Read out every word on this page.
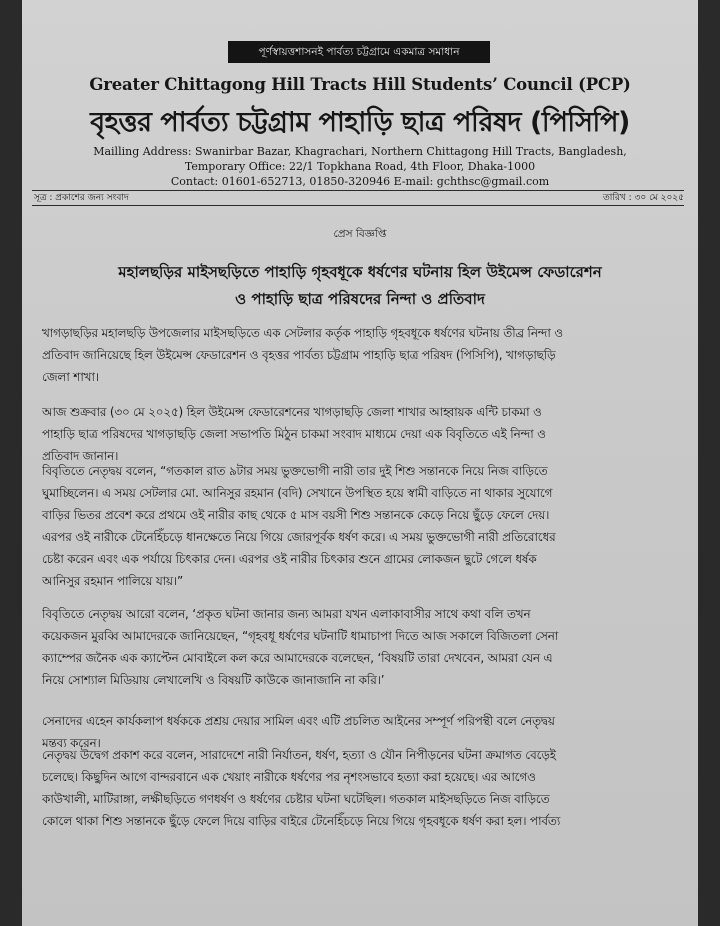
পূর্ণস্বায়ত্তশাসনই পার্বত্য চট্টগ্রামে একমাত্র সমাধান
Greater Chittagong Hill Tracts Hill Students’ Council (PCP)
বৃহত্তর পার্বত্য চট্টগ্রাম পাহাড়ি ছাত্র পরিষদ (পিসিপি)
Mailling Address: Swanirbar Bazar, Khagrachari, Northern Chittagong Hill Tracts, Bangladesh,
Temporary Office: 22/1 Topkhana Road, 4th Floor, Dhaka-1000
Contact: 01601-652713, 01850-320946 E-mail: gchthsc@gmail.com
সূত্র : প্রকাশের জন্য সংবাদ	তারিখ : ৩০ মে ২০২৫
প্রেস বিজ্ঞপ্তি
মহালছড়ির মাইসছড়িতে পাহাড়ি গৃহবধূকে ধর্ষণের ঘটনায় হিল উইমেন্স ফেডারেশন
ও পাহাড়ি ছাত্র পরিষদের নিন্দা ও প্রতিবাদ
খাগড়াছড়ির মহালছড়ি উপজেলার মাইসছড়িতে এক সেটলার কর্তৃক পাহাড়ি গৃহবধূকে ধর্ষণের ঘটনায় তীব্র নিন্দা ও
প্রতিবাদ জানিয়েছে হিল উইমেন্স ফেডারেশন ও বৃহত্তর পার্বত্য চট্টগ্রাম পাহাড়ি ছাত্র পরিষদ (পিসিপি), খাগড়াছড়ি
জেলা শাখা।
আজ শুক্রবার (৩০ মে ২০২৫) হিল উইমেন্স ফেডারেশনের খাগড়াছড়ি জেলা শাখার আহ্বায়ক এন্টি চাকমা ও
পাহাড়ি ছাত্র পরিষদের খাগড়াছড়ি জেলা সভাপতি মিঠুন চাকমা সংবাদ মাধ্যমে দেয়া এক বিবৃতিতে এই নিন্দা ও
প্রতিবাদ জানান।
বিবৃতিতে নেতৃদ্বয় বলেন, “গতকাল রাত ৯টার সময় ভুক্তভোগী নারী তার দুই শিশু সন্তানকে নিয়ে নিজ বাড়িতে
ঘুমাচ্ছিলেন। এ সময় সেটলার মো. আনিসুর রহমান (বদি) সেখানে উপস্থিত হয়ে স্বামী বাড়িতে না থাকার সুযোগে
বাড়ির ভিতর প্রবেশ করে প্রথমে ওই নারীর কাছ থেকে ৫ মাস বয়সী শিশু সন্তানকে কেড়ে নিয়ে ছুঁড়ে ফেলে দেয়।
এরপর ওই নারীকে টেনেহিঁচড়ে ধানক্ষেতে নিয়ে গিয়ে জোরপূর্বক ধর্ষণ করে। এ সময় ভুক্তভোগী নারী প্রতিরোধের
চেষ্টা করেন এবং এক পর্যায়ে চিৎকার দেন। এরপর ওই নারীর চিৎকার শুনে গ্রামের লোকজন ছুটে গেলে ধর্ষক
আনিসুর রহমান পালিয়ে যায়।”
বিবৃতিতে নেতৃদ্বয় আরো বলেন, ‘প্রকৃত ঘটনা জানার জন্য আমরা যখন এলাকাবাসীর সাথে কথা বলি তখন
কয়েকজন মুরব্বি আমাদেরকে জানিয়েছেন, “গৃহবধূ ধর্ষণের ঘটনাটি ধামাচাপা দিতে আজ সকালে বিজিতলা সেনা
ক্যাম্পের জনৈক এক ক্যাপ্টেন মোবাইলে কল করে আমাদেরকে বলেছেন, ‘বিষয়টি তারা দেখবেন, আমরা যেন এ
নিয়ে সোশ্যাল মিডিয়ায় লেখালেখি ও বিষয়টি কাউকে জানাজানি না করি।’
সেনাদের এহেন কার্যকলাপ ধর্ষককে প্রশ্রয় দেয়ার সামিল এবং এটি প্রচলিত আইনের সম্পূর্ণ পরিপন্থী বলে নেতৃদ্বয়
মন্তব্য করেন।
নেতৃদ্বয় উদ্বেগ প্রকাশ করে বলেন, সারাদেশে নারী নির্যাতন, ধর্ষণ, হত্যা ও যৌন নিপীড়নের ঘটনা ক্রমাগত বেড়েই
চলেছে। কিছুদিন আগে বান্দরবানে এক খেয়াং নারীকে ধর্ষণের পর নৃশংসভাবে হত্যা করা হয়েছে। এর আগেও
কাউখালী, মাটিরাঙ্গা, লক্ষীছড়িতে গণধর্ষণ ও ধর্ষণের চেষ্টার ঘটনা ঘটেছিল। গতকাল মাইসছড়িতে নিজ বাড়িতে
কোলে থাকা শিশু সন্তানকে ছুঁড়ে ফেলে দিয়ে বাড়ির বাইরে টেনেহিঁচড়ে নিয়ে গিয়ে গৃহবধূকে ধর্ষণ করা হল। পার্বত্য
